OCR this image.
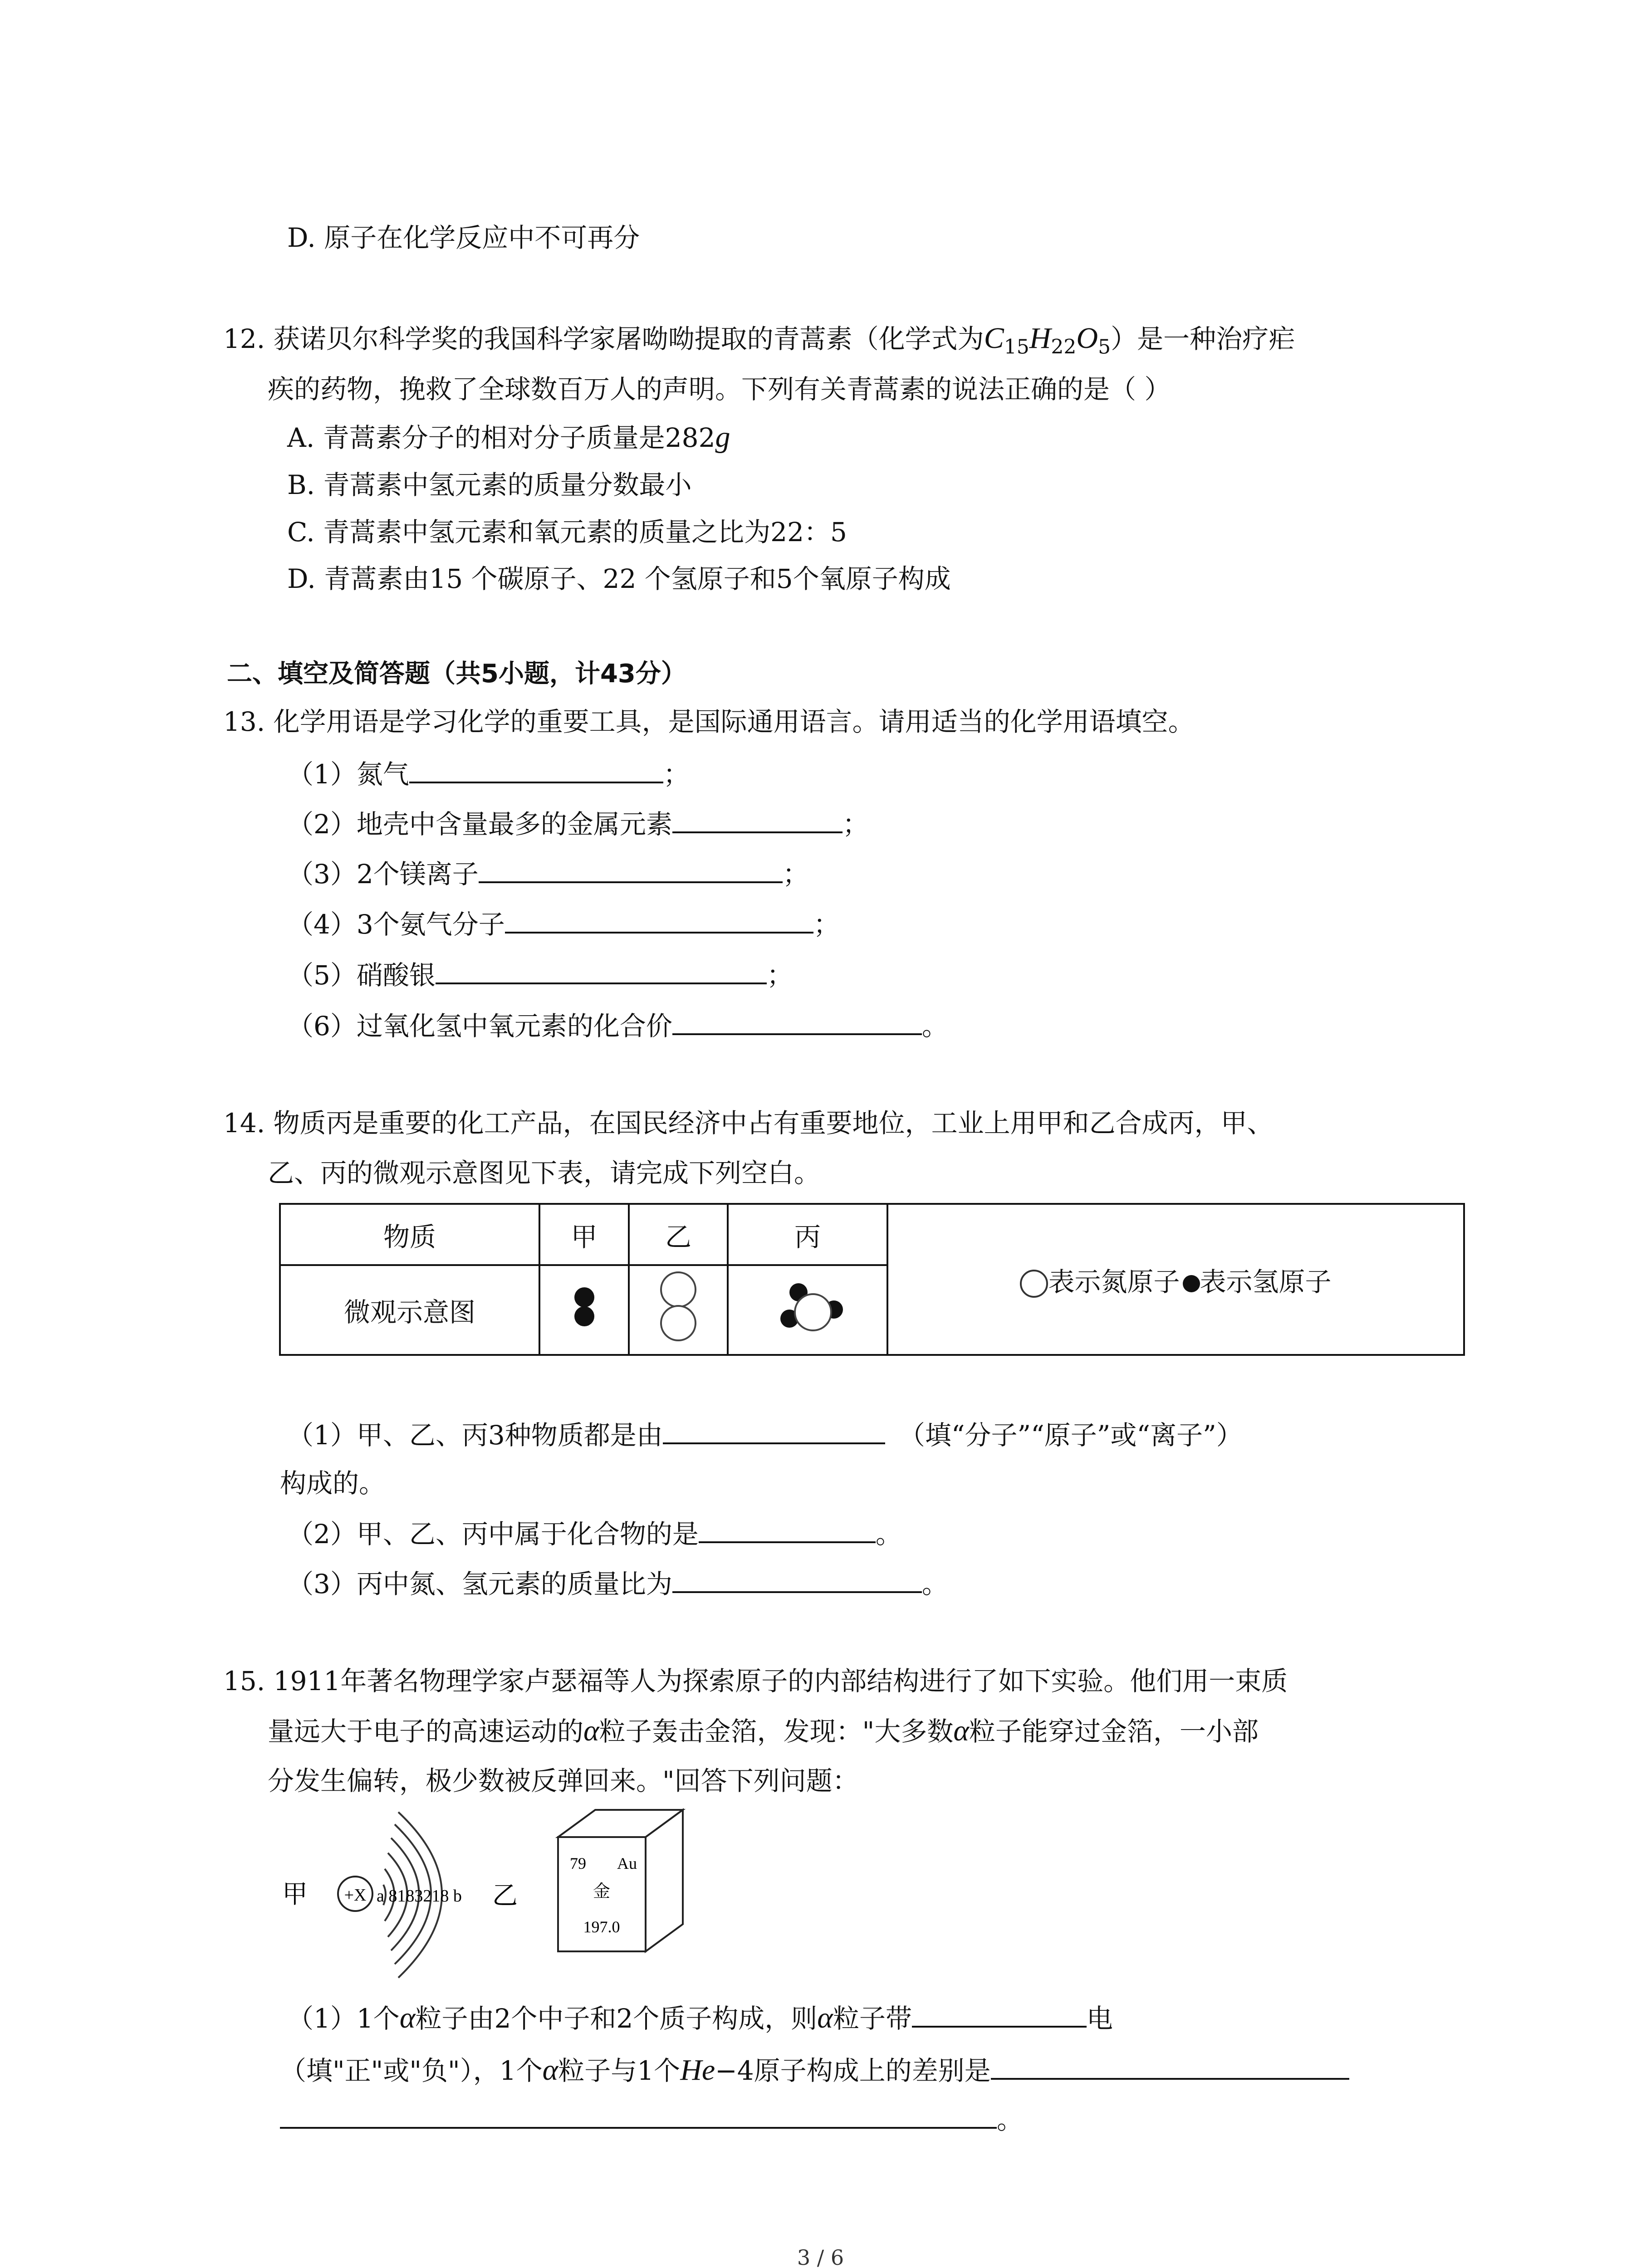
D. 原子在化学反应中不可再分
12. 获诺贝尔科学奖的我国科学家屠呦呦提取的青蒿素（化学式为$C_{15}H_{22}O_5$）是一种治疗疟
疾的药物，挽救了全球数百万人的声明。下列有关青蒿素的说法正确的是（ ）
A. 青蒿素分子的相对分子质量是282g
B. 青蒿素中氢元素的质量分数最小
C. 青蒿素中氢元素和氧元素的质量之比为22：5
D. 青蒿素由15 个碳原子、22 个氢原子和5个氧原子构成
二、填空及简答题（共5小题，计43分）
13. 化学用语是学习化学的重要工具，是国际通用语言。请用适当的化学用语填空。
（1）氮气	；
（2）地壳中含量最多的金属元素	；
（3）2个镁离子	；
（4）3个氨气分子	；
（5）硝酸银	；
（6）过氧化氢中氧元素的化合价	。
14. 物质丙是重要的化工产品，在国民经济中占有重要地位，工业上用甲和乙合成丙，甲、
乙、丙的微观示意图见下表，请完成下列空白。
物质	甲	乙	丙	表示氮原子 表示氢原子
微观示意图			
（1）甲、乙、丙3种物质都是由	（填“分子”“原子”或“离子”）
构成的。
（2）甲、乙、丙中属于化合物的是	。
（3）丙中氮、氢元素的质量比为	。
15. 1911年著名物理学家卢瑟福等人为探索原子的内部结构进行了如下实验。他们用一束质
量远大于电子的高速运动的α粒子轰击金箔，发现："大多数α粒子能穿过金箔，一小部
分发生偏转，极少数被反弹回来。"回答下列问题：
甲 +X a 8183218 b 乙
79 Au
金
197.0
（1）1个α粒子由2个中子和2个质子构成，则α粒子带	电
（填"正"或"负"），1个α粒子与1个He−4原子构成上的差别是
。
3 / 6
